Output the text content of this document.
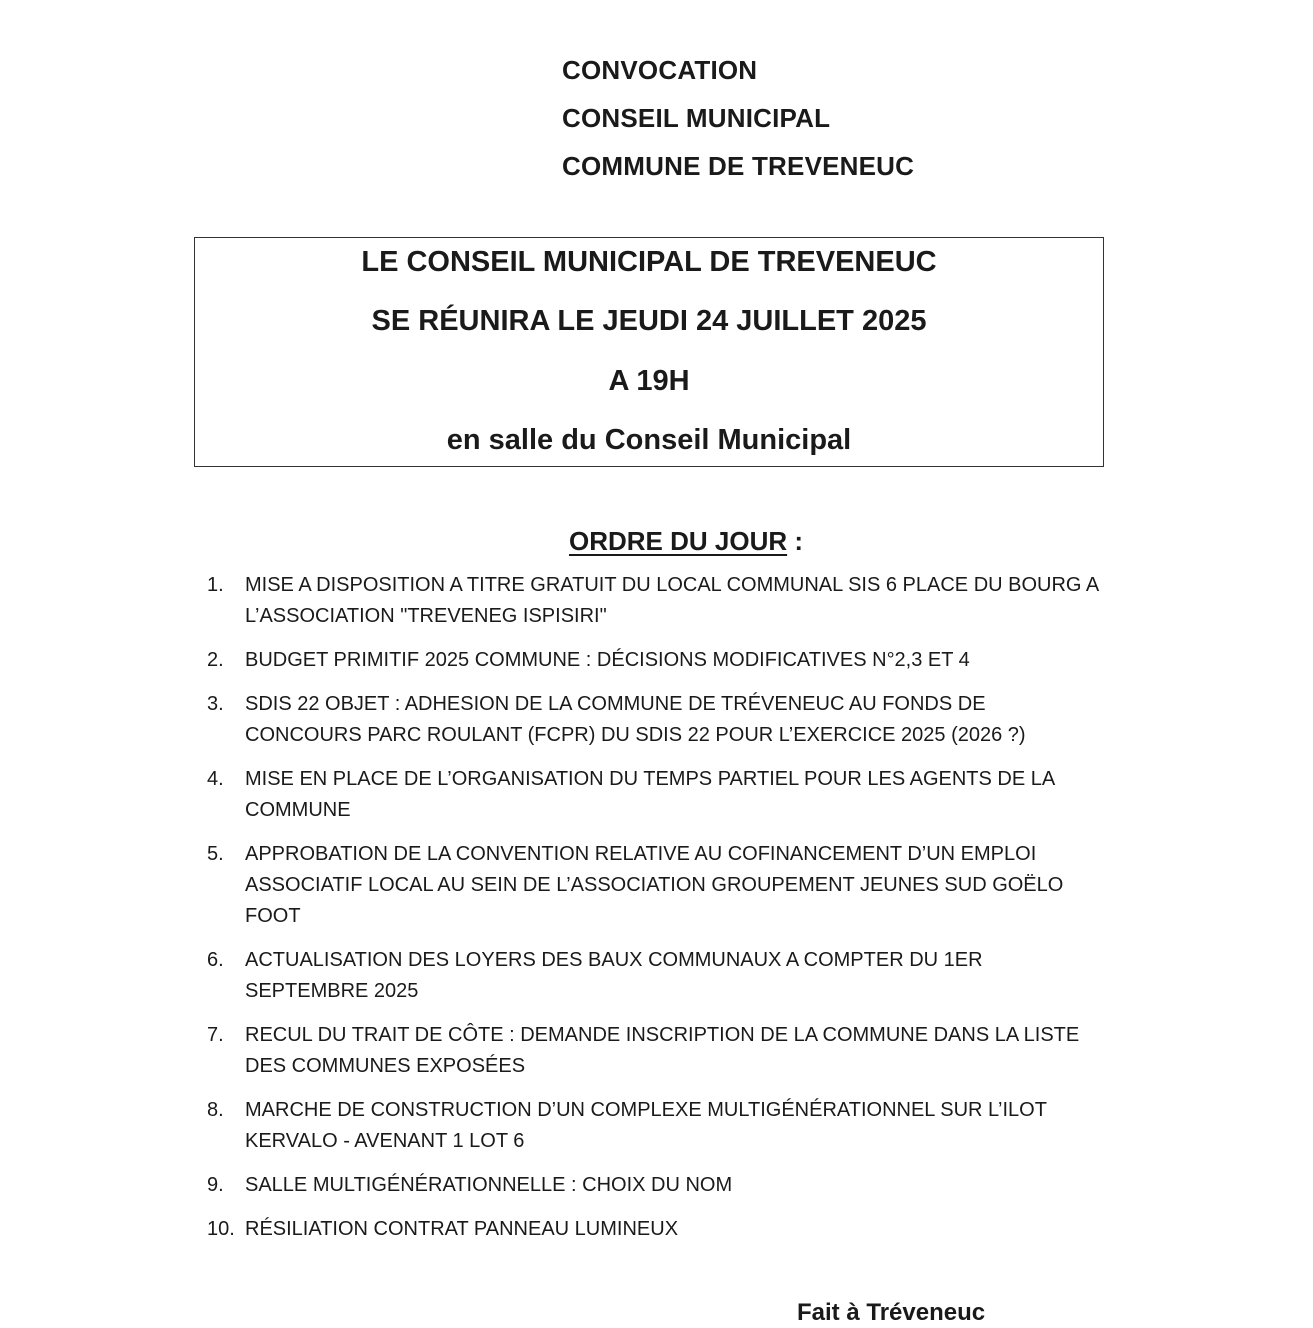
CONVOCATION
CONSEIL MUNICIPAL
COMMUNE DE TREVENEUC
LE CONSEIL MUNICIPAL DE TREVENEUC
SE RÉUNIRA LE JEUDI 24 JUILLET 2025
A 19H
en salle du Conseil Municipal
ORDRE DU JOUR :
1. MISE A DISPOSITION A TITRE GRATUIT DU LOCAL COMMUNAL SIS 6 PLACE DU BOURG A L’ASSOCIATION "TREVENEG ISPISIRI"
2. BUDGET PRIMITIF 2025 COMMUNE : DÉCISIONS MODIFICATIVES N°2,3 ET 4
3. SDIS 22 OBJET : ADHESION DE LA COMMUNE DE TRÉVENEUC AU FONDS DE CONCOURS PARC ROULANT (FCPR) DU SDIS 22 POUR L’EXERCICE 2025 (2026 ?)
4. MISE EN PLACE DE L’ORGANISATION DU TEMPS PARTIEL POUR LES AGENTS DE LA COMMUNE
5. APPROBATION DE LA CONVENTION RELATIVE AU COFINANCEMENT D’UN EMPLOI ASSOCIATIF LOCAL AU SEIN DE L’ASSOCIATION GROUPEMENT JEUNES SUD GOËLO FOOT
6. ACTUALISATION DES LOYERS DES BAUX COMMUNAUX A COMPTER DU 1ER SEPTEMBRE 2025
7. RECUL DU TRAIT DE CÔTE : DEMANDE INSCRIPTION DE LA COMMUNE DANS LA LISTE DES COMMUNES EXPOSÉES
8. MARCHE DE CONSTRUCTION D’UN COMPLEXE MULTIGÉNÉRATIONNEL SUR L’ILOT KERVALO - AVENANT 1 LOT 6
9. SALLE MULTIGÉNÉRATIONNELLE : CHOIX DU NOM
10. RÉSILIATION CONTRAT PANNEAU LUMINEUX
Fait à Tréveneuc
